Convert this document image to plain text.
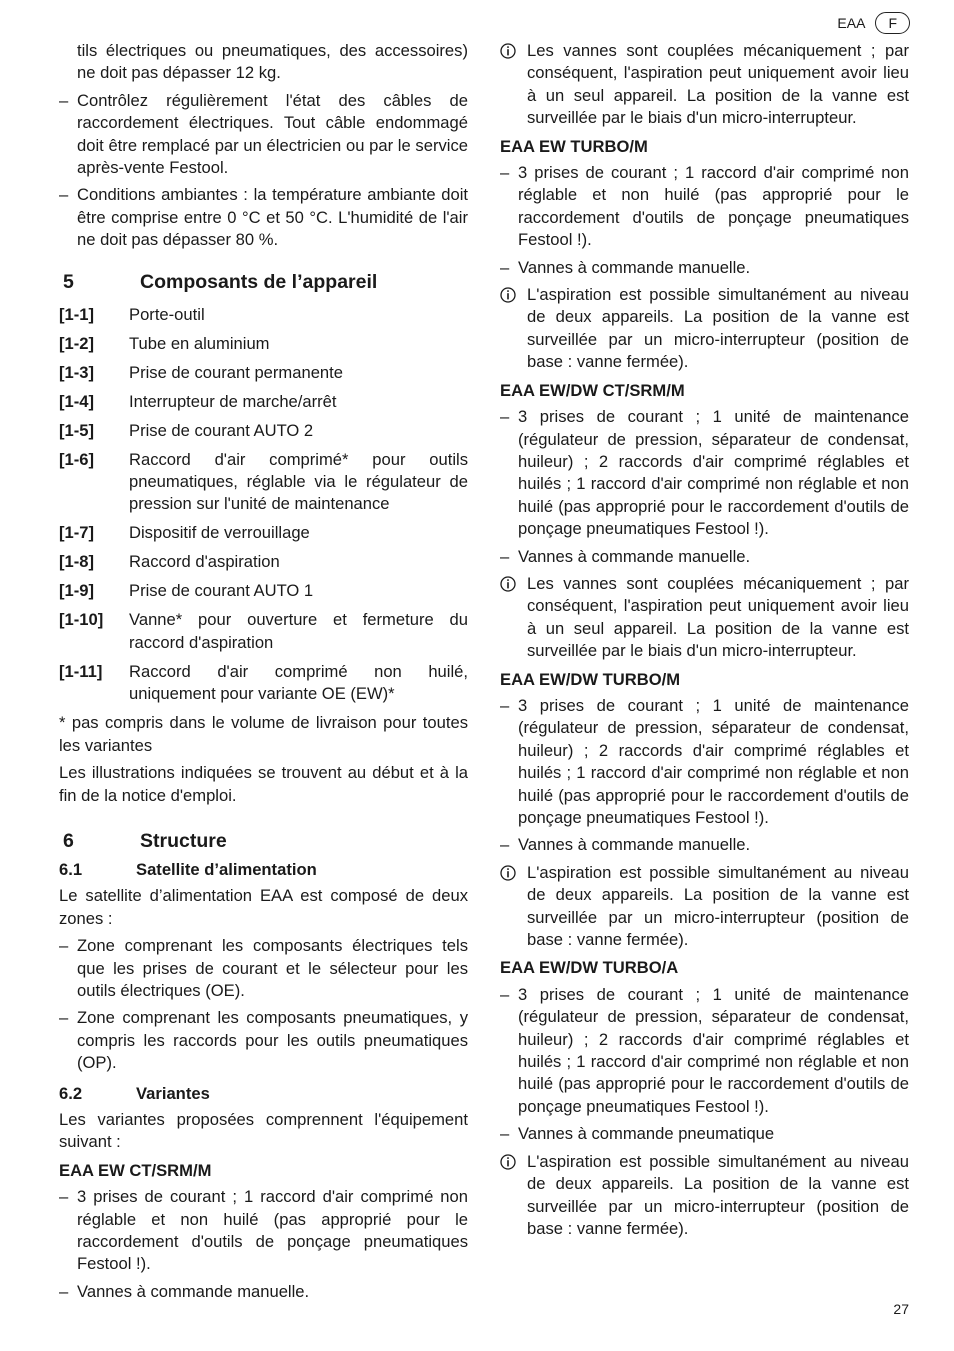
EAA	F
tils électriques ou pneumatiques, des accessoires) ne doit pas dépasser 12 kg.
– Contrôlez régulièrement l'état des câbles de raccordement électriques. Tout câble endommagé doit être remplacé par un électricien ou par le service après-vente Festool.
– Conditions ambiantes : la température ambiante doit être comprise entre 0 °C et 50 °C. L'humidité de l'air ne doit pas dépasser 80 %.
5	Composants de l’appareil
[1-1]	Porte-outil
[1-2]	Tube en aluminium
[1-3]	Prise de courant permanente
[1-4]	Interrupteur de marche/arrêt
[1-5]	Prise de courant AUTO 2
[1-6]	Raccord d'air comprimé* pour outils pneumatiques, réglable via le régulateur de pression sur l'unité de maintenance
[1-7]	Dispositif de verrouillage
[1-8]	Raccord d'aspiration
[1-9]	Prise de courant AUTO 1
[1-10]	Vanne* pour ouverture et fermeture du raccord d'aspiration
[1-11]	Raccord d'air comprimé non huilé, uniquement pour variante OE (EW)*

* pas compris dans le volume de livraison pour toutes les variantes

Les illustrations indiquées se trouvent au début et à la fin de la notice d'emploi.

6	Structure
6.1	Satellite d’alimentation

Le satellite d’alimentation EAA est composé de deux zones :

– Zone comprenant les composants électriques tels que les prises de courant et le sélecteur pour les outils électriques (OE).
– Zone comprenant les composants pneumatiques, y compris les raccords pour les outils pneumatiques (OP).
6.2	Variantes

Les variantes proposées comprennent l'équipement suivant :

EAA EW CT/SRM/M
– 3 prises de courant ; 1 raccord d'air comprimé non réglable et non huilé (pas approprié pour le raccordement d'outils de ponçage pneumatiques Festool !).
– Vannes à commande manuelle.
Les vannes sont couplées mécaniquement ; par conséquent, l'aspiration peut uniquement avoir lieu à un seul appareil. La position de la vanne est surveillée par le biais d'un micro-interrupteur.
EAA EW TURBO/M
– 3 prises de courant ; 1 raccord d'air comprimé non réglable et non huilé (pas approprié pour le raccordement d'outils de ponçage pneumatiques Festool !).
– Vannes à commande manuelle.
L'aspiration est possible simultanément au niveau de deux appareils. La position de la vanne est surveillée par un micro-interrupteur (position de base : vanne fermée).
EAA EW/DW CT/SRM/M
– 3 prises de courant ; 1 unité de maintenance (régulateur de pression, séparateur de condensat, huileur) ; 2 raccords d'air comprimé réglables et huilés ; 1 raccord d'air comprimé non réglable et non huilé (pas approprié pour le raccordement d'outils de ponçage pneumatiques Festool !).
– Vannes à commande manuelle.
Les vannes sont couplées mécaniquement ; par conséquent, l'aspiration peut uniquement avoir lieu à un seul appareil. La position de la vanne est surveillée par le biais d'un micro-interrupteur.
EAA EW/DW TURBO/M
– 3 prises de courant ; 1 unité de maintenance (régulateur de pression, séparateur de condensat, huileur) ; 2 raccords d'air comprimé réglables et huilés ; 1 raccord d'air comprimé non réglable et non huilé (pas approprié pour le raccordement d'outils de ponçage pneumatiques Festool !).
– Vannes à commande manuelle.
L'aspiration est possible simultanément au niveau de deux appareils. La position de la vanne est surveillée par un micro-interrupteur (position de base : vanne fermée).
EAA EW/DW TURBO/A
– 3 prises de courant ; 1 unité de maintenance (régulateur de pression, séparateur de condensat, huileur) ; 2 raccords d'air comprimé réglables et huilés ; 1 raccord d'air comprimé non réglable et non huilé (pas approprié pour le raccordement d'outils de ponçage pneumatiques Festool !).
– Vannes à commande pneumatique
L'aspiration est possible simultanément au niveau de deux appareils. La position de la vanne est surveillée par un micro-interrupteur (position de base : vanne fermée).
27
